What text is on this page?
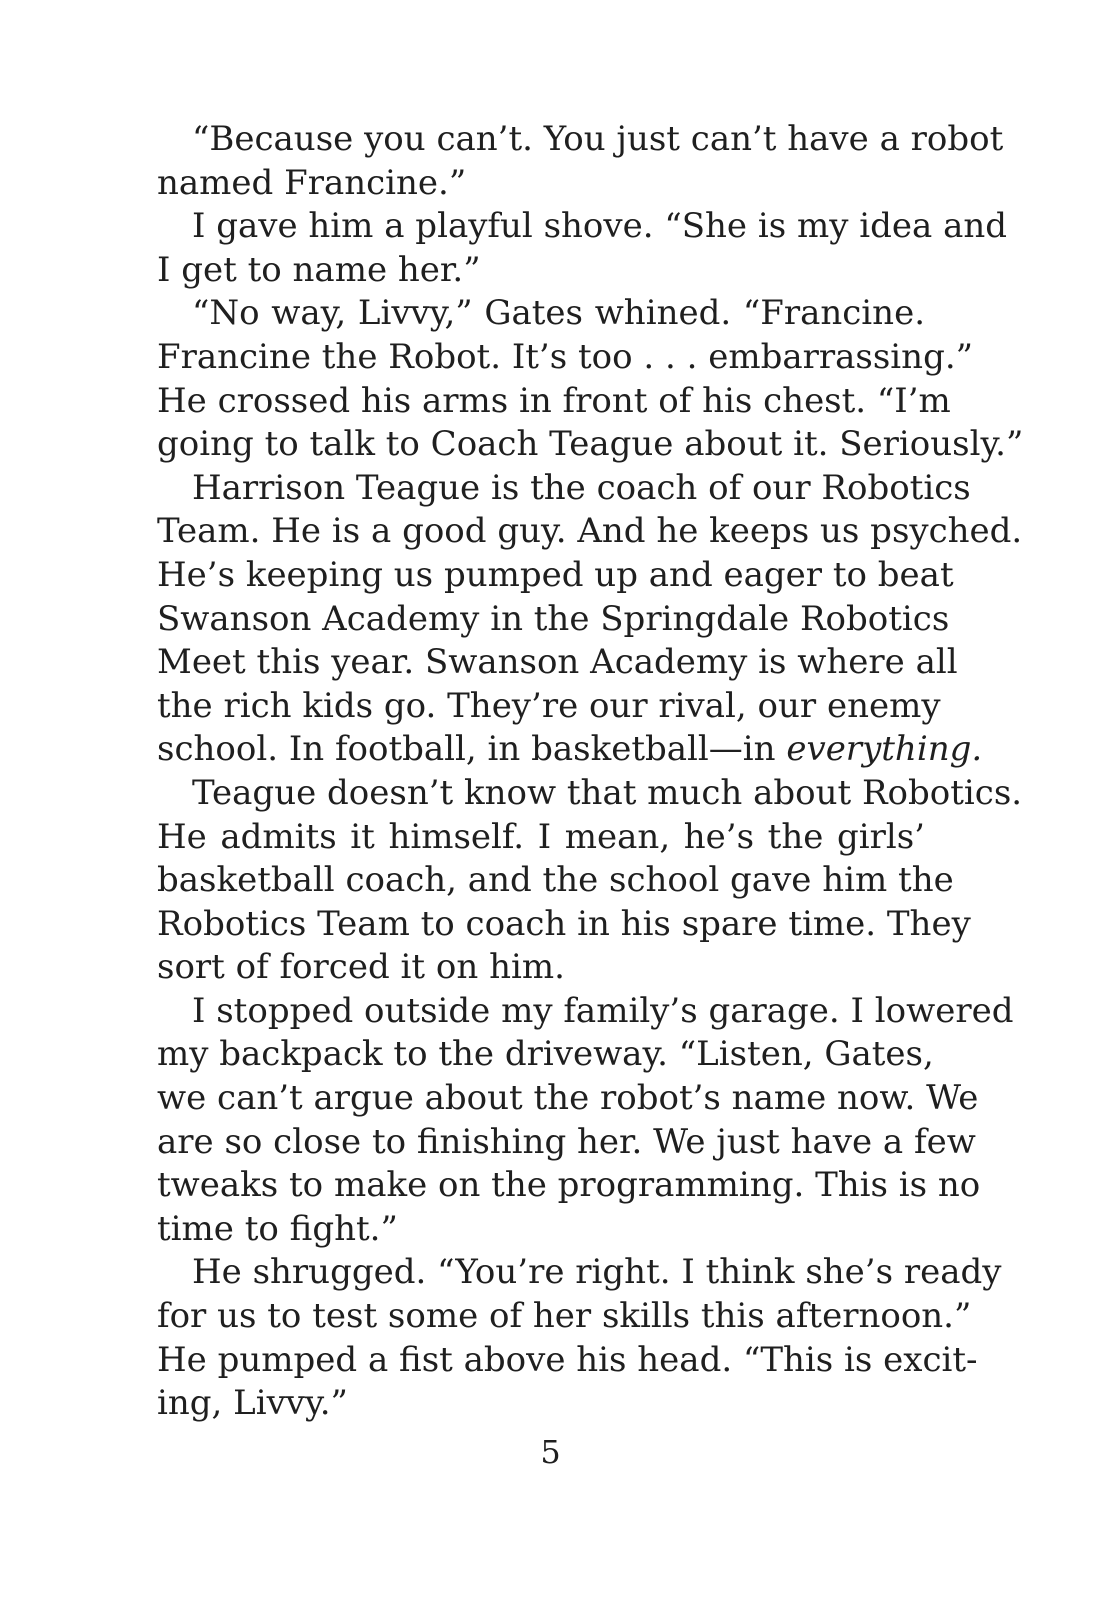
“Because you can’t. You just can’t have a robot
named Francine.”
I gave him a playful shove. “She is my idea and
I get to name her.”
“No way, Livvy,” Gates whined. “Francine.
Francine the Robot. It’s too . . . embarrassing.”
He crossed his arms in front of his chest. “I’m
going to talk to Coach Teague about it. Seriously.”
Harrison Teague is the coach of our Robotics
Team. He is a good guy. And he keeps us psyched.
He’s keeping us pumped up and eager to beat
Swanson Academy in the Springdale Robotics
Meet this year. Swanson Academy is where all
the rich kids go. They’re our rival, our enemy
school. In football, in basketball—in everything.
Teague doesn’t know that much about Robotics.
He admits it himself. I mean, he’s the girls’
basketball coach, and the school gave him the
Robotics Team to coach in his spare time. They
sort of forced it on him.
I stopped outside my family’s garage. I lowered
my backpack to the driveway. “Listen, Gates,
we can’t argue about the robot’s name now. We
are so close to finishing her. We just have a few
tweaks to make on the programming. This is no
time to fight.”
He shrugged. “You’re right. I think she’s ready
for us to test some of her skills this afternoon.”
He pumped a fist above his head. “This is excit-
ing, Livvy.”
5
